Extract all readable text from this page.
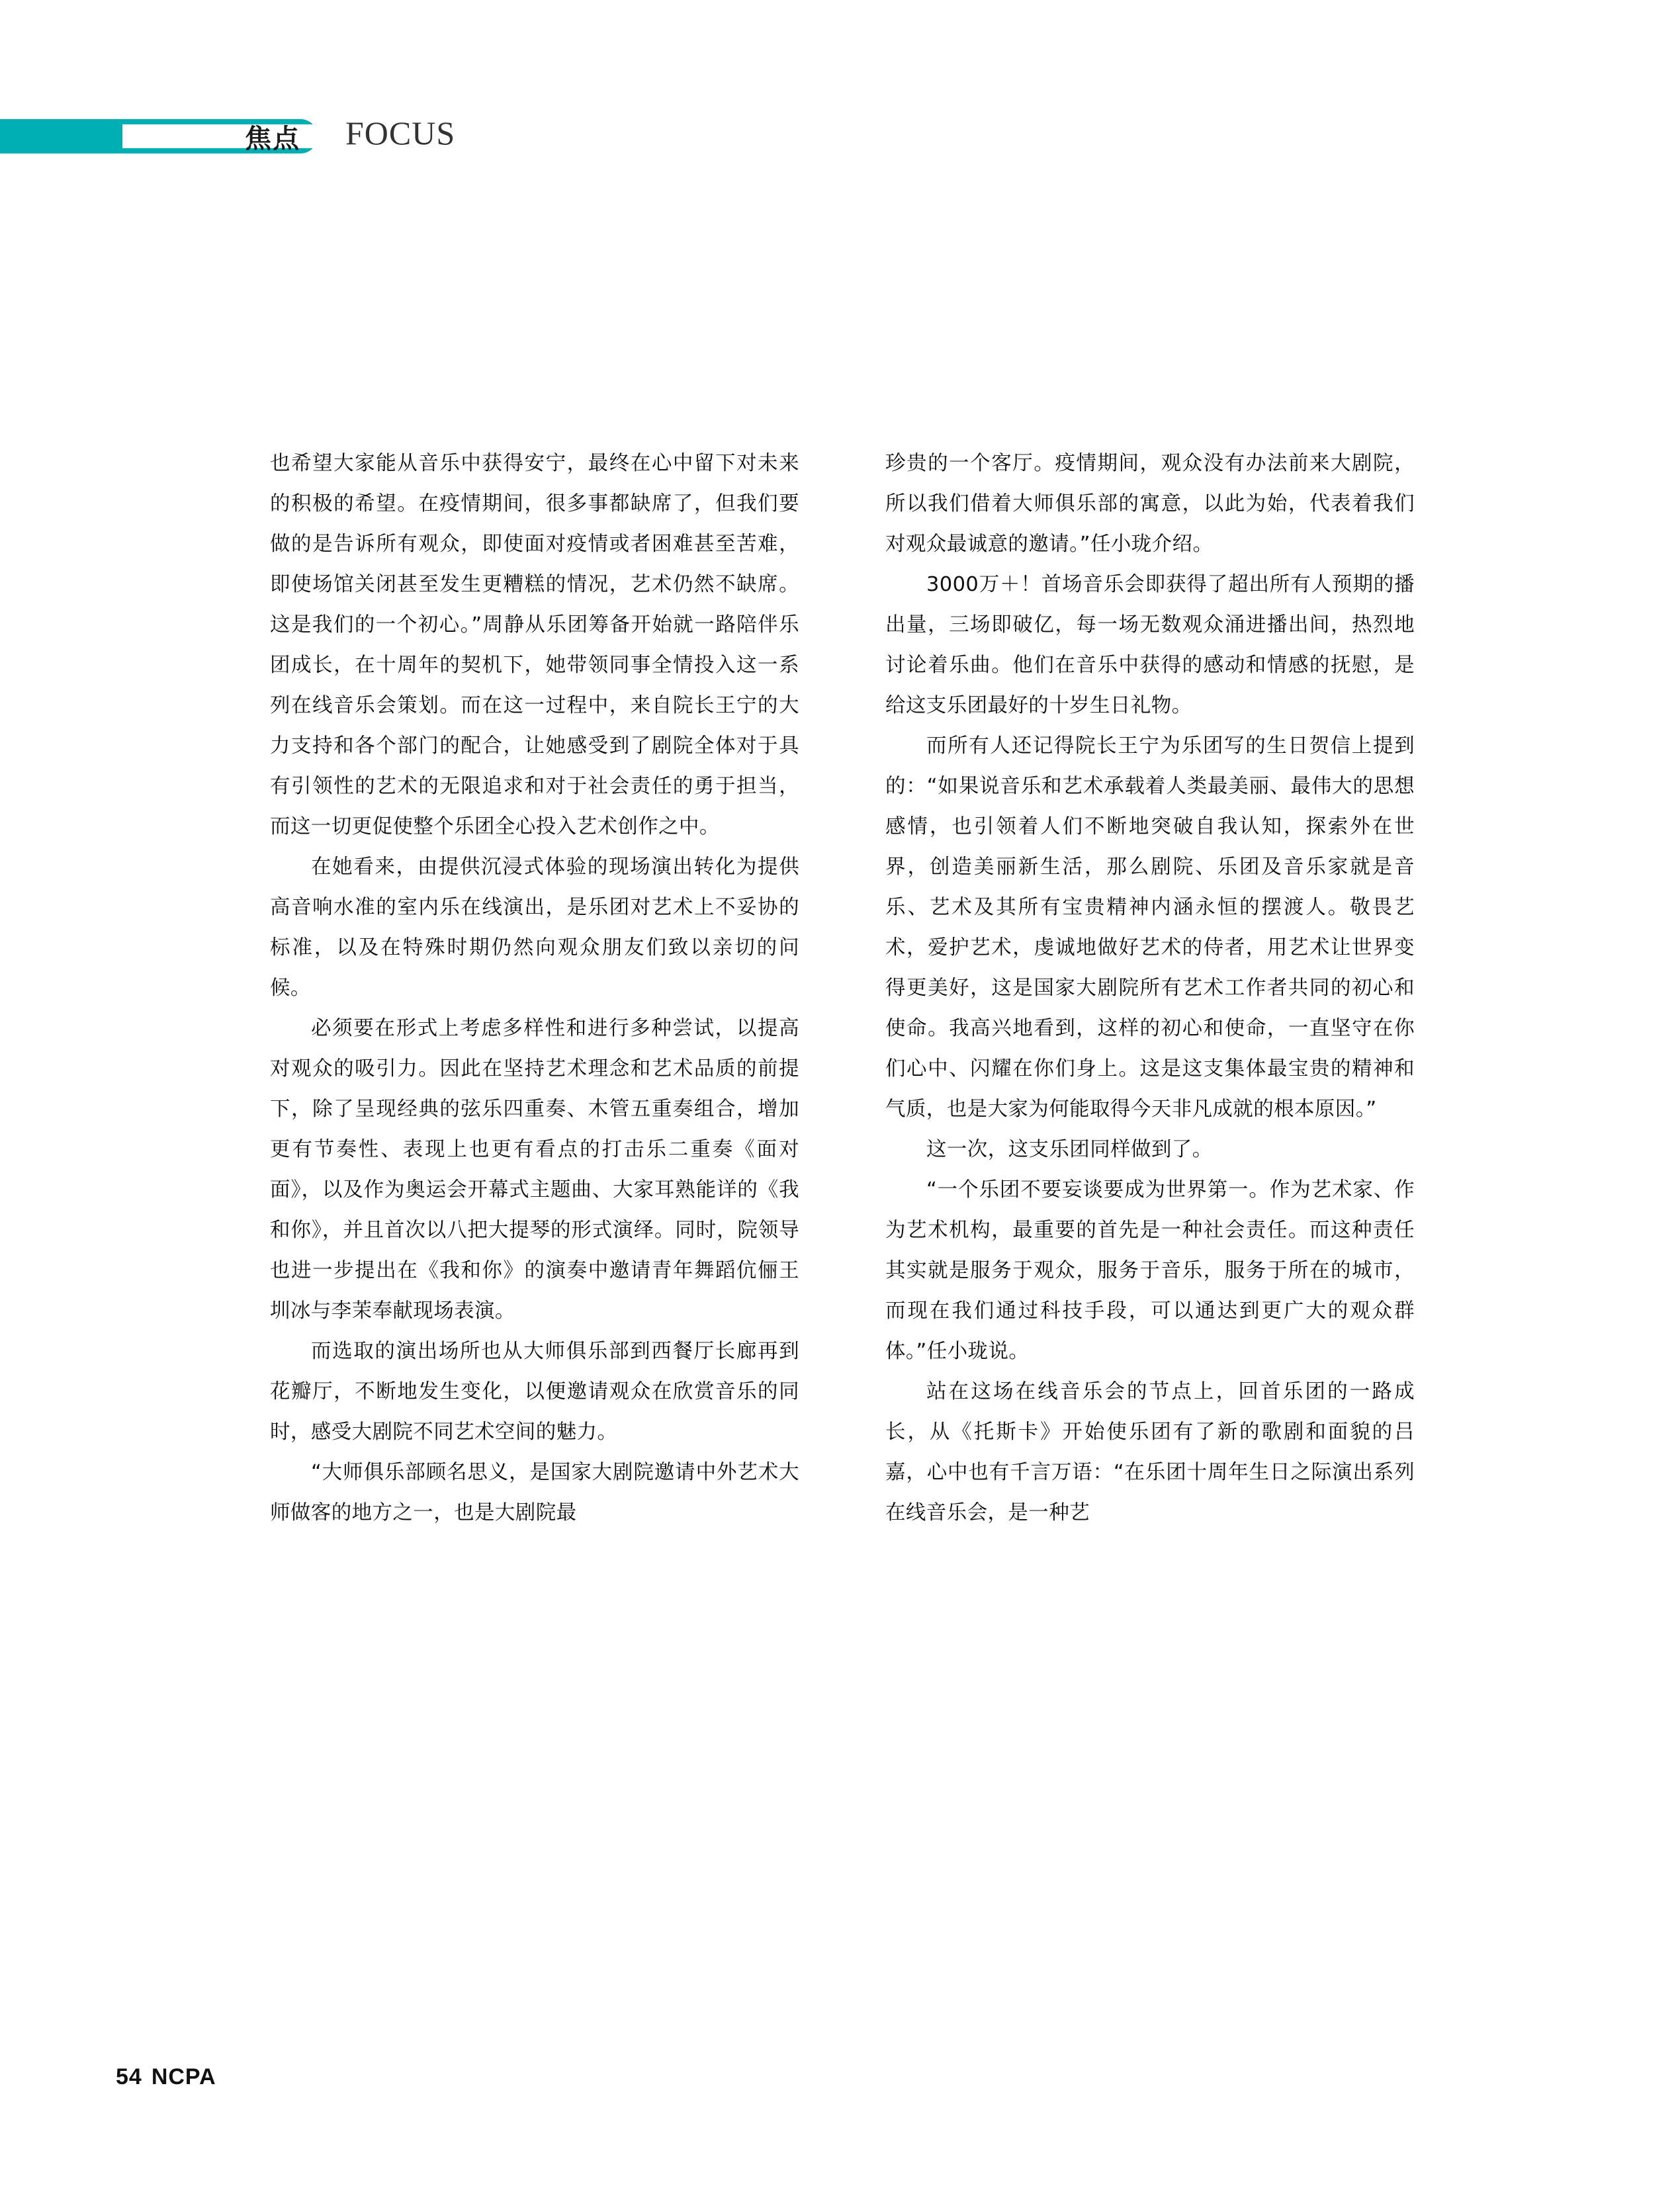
焦点 FOCUS

也希望大家能从音乐中获得安宁，最终在心中留下对未来的积极的希望。在疫情期间，很多事都缺席了，但我们要做的是告诉所有观众，即使面对疫情或者困难甚至苦难，即使场馆关闭甚至发生更糟糕的情况，艺术仍然不缺席。这是我们的一个初心。”周静从乐团筹备开始就一路陪伴乐团成长，在十周年的契机下，她带领同事全情投入这一系列在线音乐会策划。而在这一过程中，来自院长王宁的大力支持和各个部门的配合，让她感受到了剧院全体对于具有引领性的艺术的无限追求和对于社会责任的勇于担当，而这一切更促使整个乐团全心投入艺术创作之中。

在她看来，由提供沉浸式体验的现场演出转化为提供高音响水准的室内乐在线演出，是乐团对艺术上不妥协的标准，以及在特殊时期仍然向观众朋友们致以亲切的问候。

必须要在形式上考虑多样性和进行多种尝试，以提高对观众的吸引力。因此在坚持艺术理念和艺术品质的前提下，除了呈现经典的弦乐四重奏、木管五重奏组合，增加更有节奏性、表现上也更有看点的打击乐二重奏《面对面》，以及作为奥运会开幕式主题曲、大家耳熟能详的《我和你》，并且首次以八把大提琴的形式演绎。同时，院领导也进一步提出在《我和你》的演奏中邀请青年舞蹈伉俪王圳冰与李茉奉献现场表演。

而选取的演出场所也从大师俱乐部到西餐厅长廊再到花瓣厅，不断地发生变化，以便邀请观众在欣赏音乐的同时，感受大剧院不同艺术空间的魅力。

“大师俱乐部顾名思义，是国家大剧院邀请中外艺术大师做客的地方之一，也是大剧院最

珍贵的一个客厅。疫情期间，观众没有办法前来大剧院，所以我们借着大师俱乐部的寓意，以此为始，代表着我们对观众最诚意的邀请。”任小珑介绍。

3000万＋！首场音乐会即获得了超出所有人预期的播出量，三场即破亿，每一场无数观众涌进播出间，热烈地讨论着乐曲。他们在音乐中获得的感动和情感的抚慰，是给这支乐团最好的十岁生日礼物。

而所有人还记得院长王宁为乐团写的生日贺信上提到的：“如果说音乐和艺术承载着人类最美丽、最伟大的思想感情，也引领着人们不断地突破自我认知，探索外在世界，创造美丽新生活，那么剧院、乐团及音乐家就是音乐、艺术及其所有宝贵精神内涵永恒的摆渡人。敬畏艺术，爱护艺术，虔诚地做好艺术的侍者，用艺术让世界变得更美好，这是国家大剧院所有艺术工作者共同的初心和使命。我高兴地看到，这样的初心和使命，一直坚守在你们心中、闪耀在你们身上。这是这支集体最宝贵的精神和气质，也是大家为何能取得今天非凡成就的根本原因。”

这一次，这支乐团同样做到了。

“一个乐团不要妄谈要成为世界第一。作为艺术家、作为艺术机构，最重要的首先是一种社会责任。而这种责任其实就是服务于观众，服务于音乐，服务于所在的城市，而现在我们通过科技手段，可以通达到更广大的观众群体。”任小珑说。

站在这场在线音乐会的节点上，回首乐团的一路成长，从《托斯卡》开始使乐团有了新的歌剧和面貌的吕嘉，心中也有千言万语：“在乐团十周年生日之际演出系列在线音乐会，是一种艺

54 NCPA
